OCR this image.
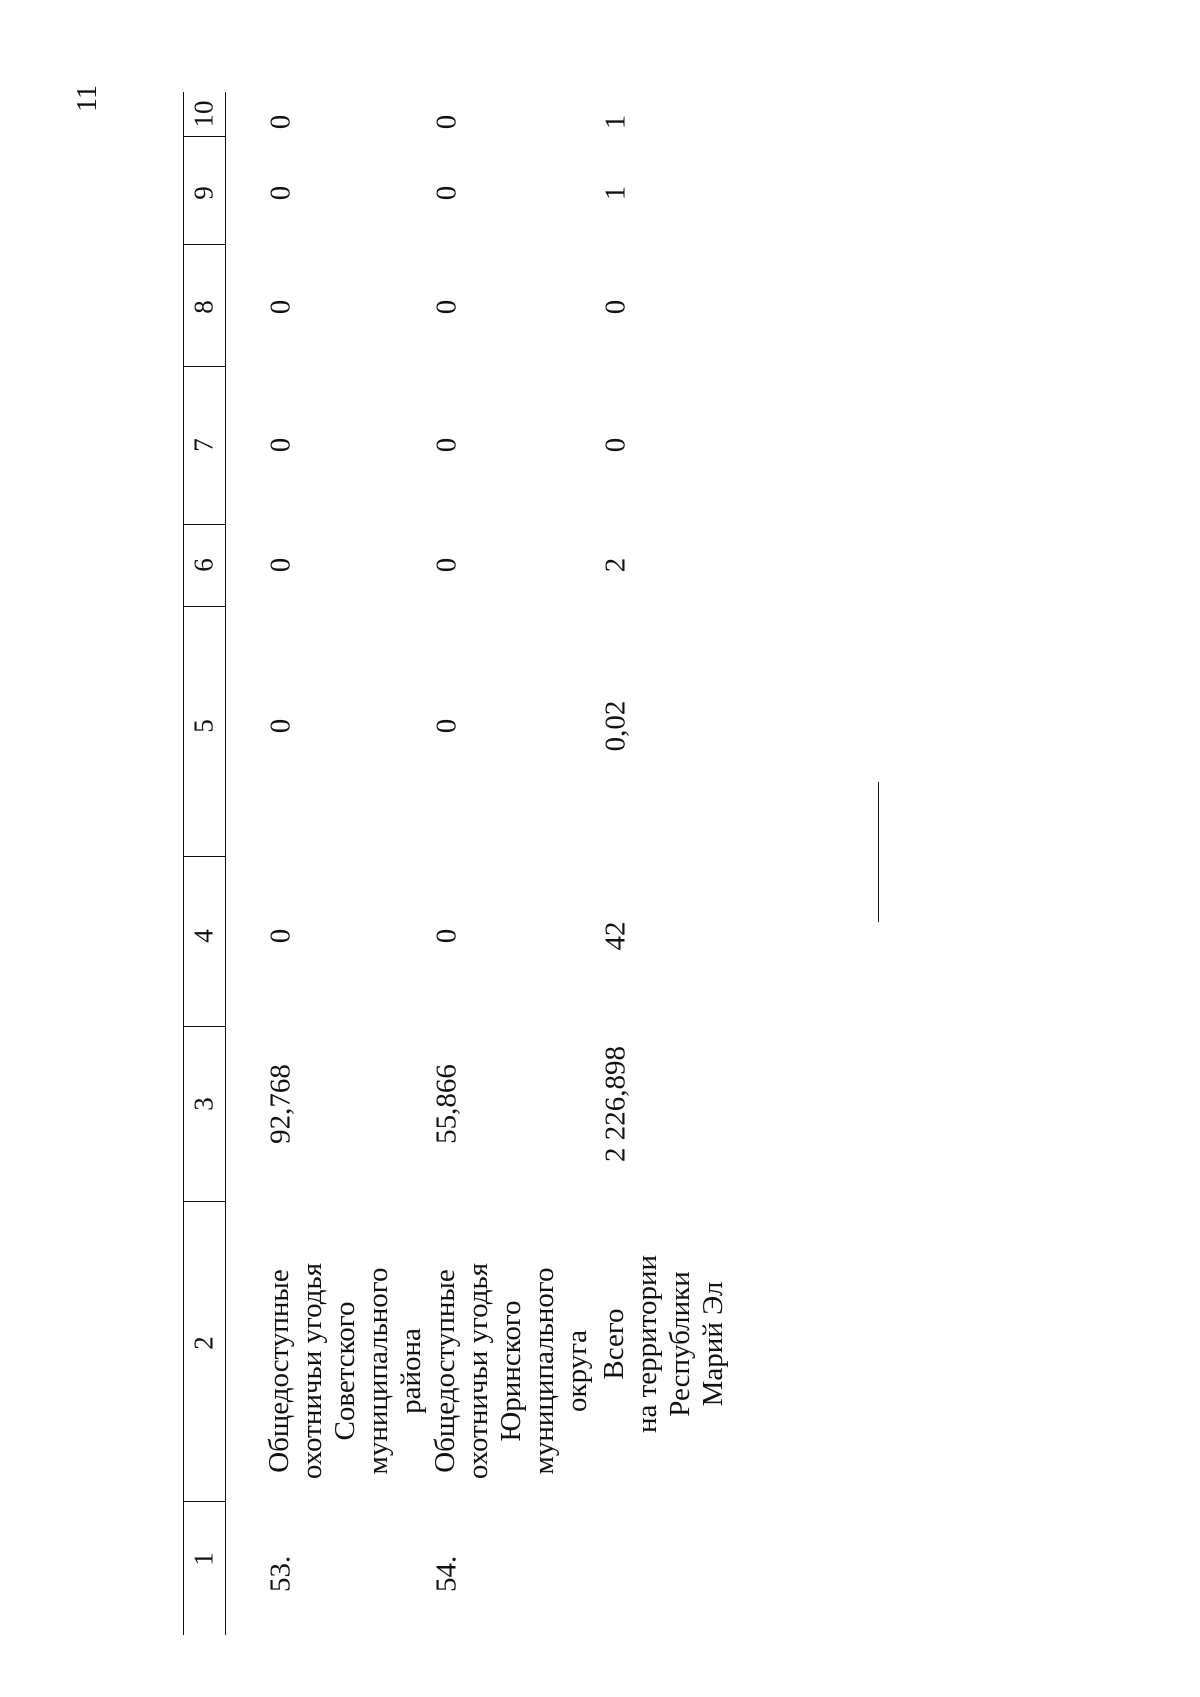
11
1
2
3
4
5
6
7
8
9
10
53.
Общедоступные охотничьи угодья Советского муниципального района
92,768
0
0
0
0
0
0
0
54.
Общедоступные охотничьи угодья Юринского муниципального округа
55,866
0
0
0
0
0
0
0
Всего на территории Республики Марий Эл
2 226,898
42
0,02
2
0
0
1
1
